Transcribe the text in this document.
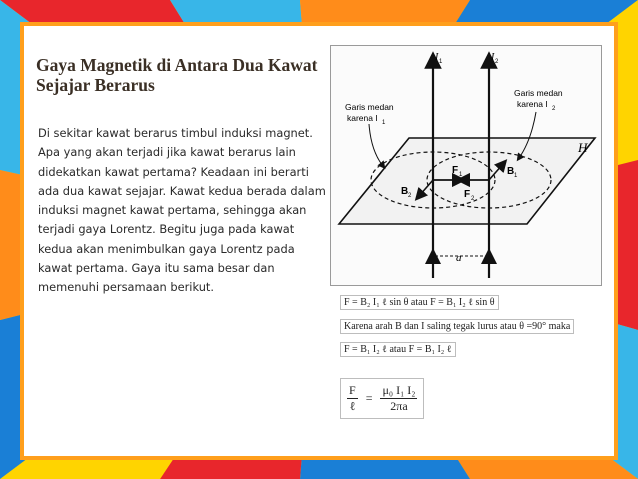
Gaya Magnetik di Antara Dua Kawat Sejajar Berarus
Di sekitar kawat berarus timbul induksi magnet. Apa yang akan terjadi jika kawat berarus lain didekatkan kawat pertama? Keadaan ini berarti ada dua kawat sejajar. Kawat kedua berada dalam induksi magnet kawat pertama, sehingga akan terjadi gaya Lorentz. Begitu juga pada kawat kedua akan menimbulkan gaya Lorentz pada kawat pertama. Gaya itu sama besar dan memenuhi persamaan berikut.
H
I 1	I 2
Garis medan
karena I 1
Garis medan
karena I 2
F 1
F 2
B 1
B 2
a
F = B₂ I₁ ℓ sin θ atau F = B₁ I₂ ℓ sin θ
Karena arah B dan I saling tegak lurus atau θ =90° maka
F = B₁ I₂ ℓ atau F = B₁ I₂ ℓ
$\frac{F}{\text{ℓ}} = \frac{\text{μ₀ I₁ I₂}}{2\pi a}$
